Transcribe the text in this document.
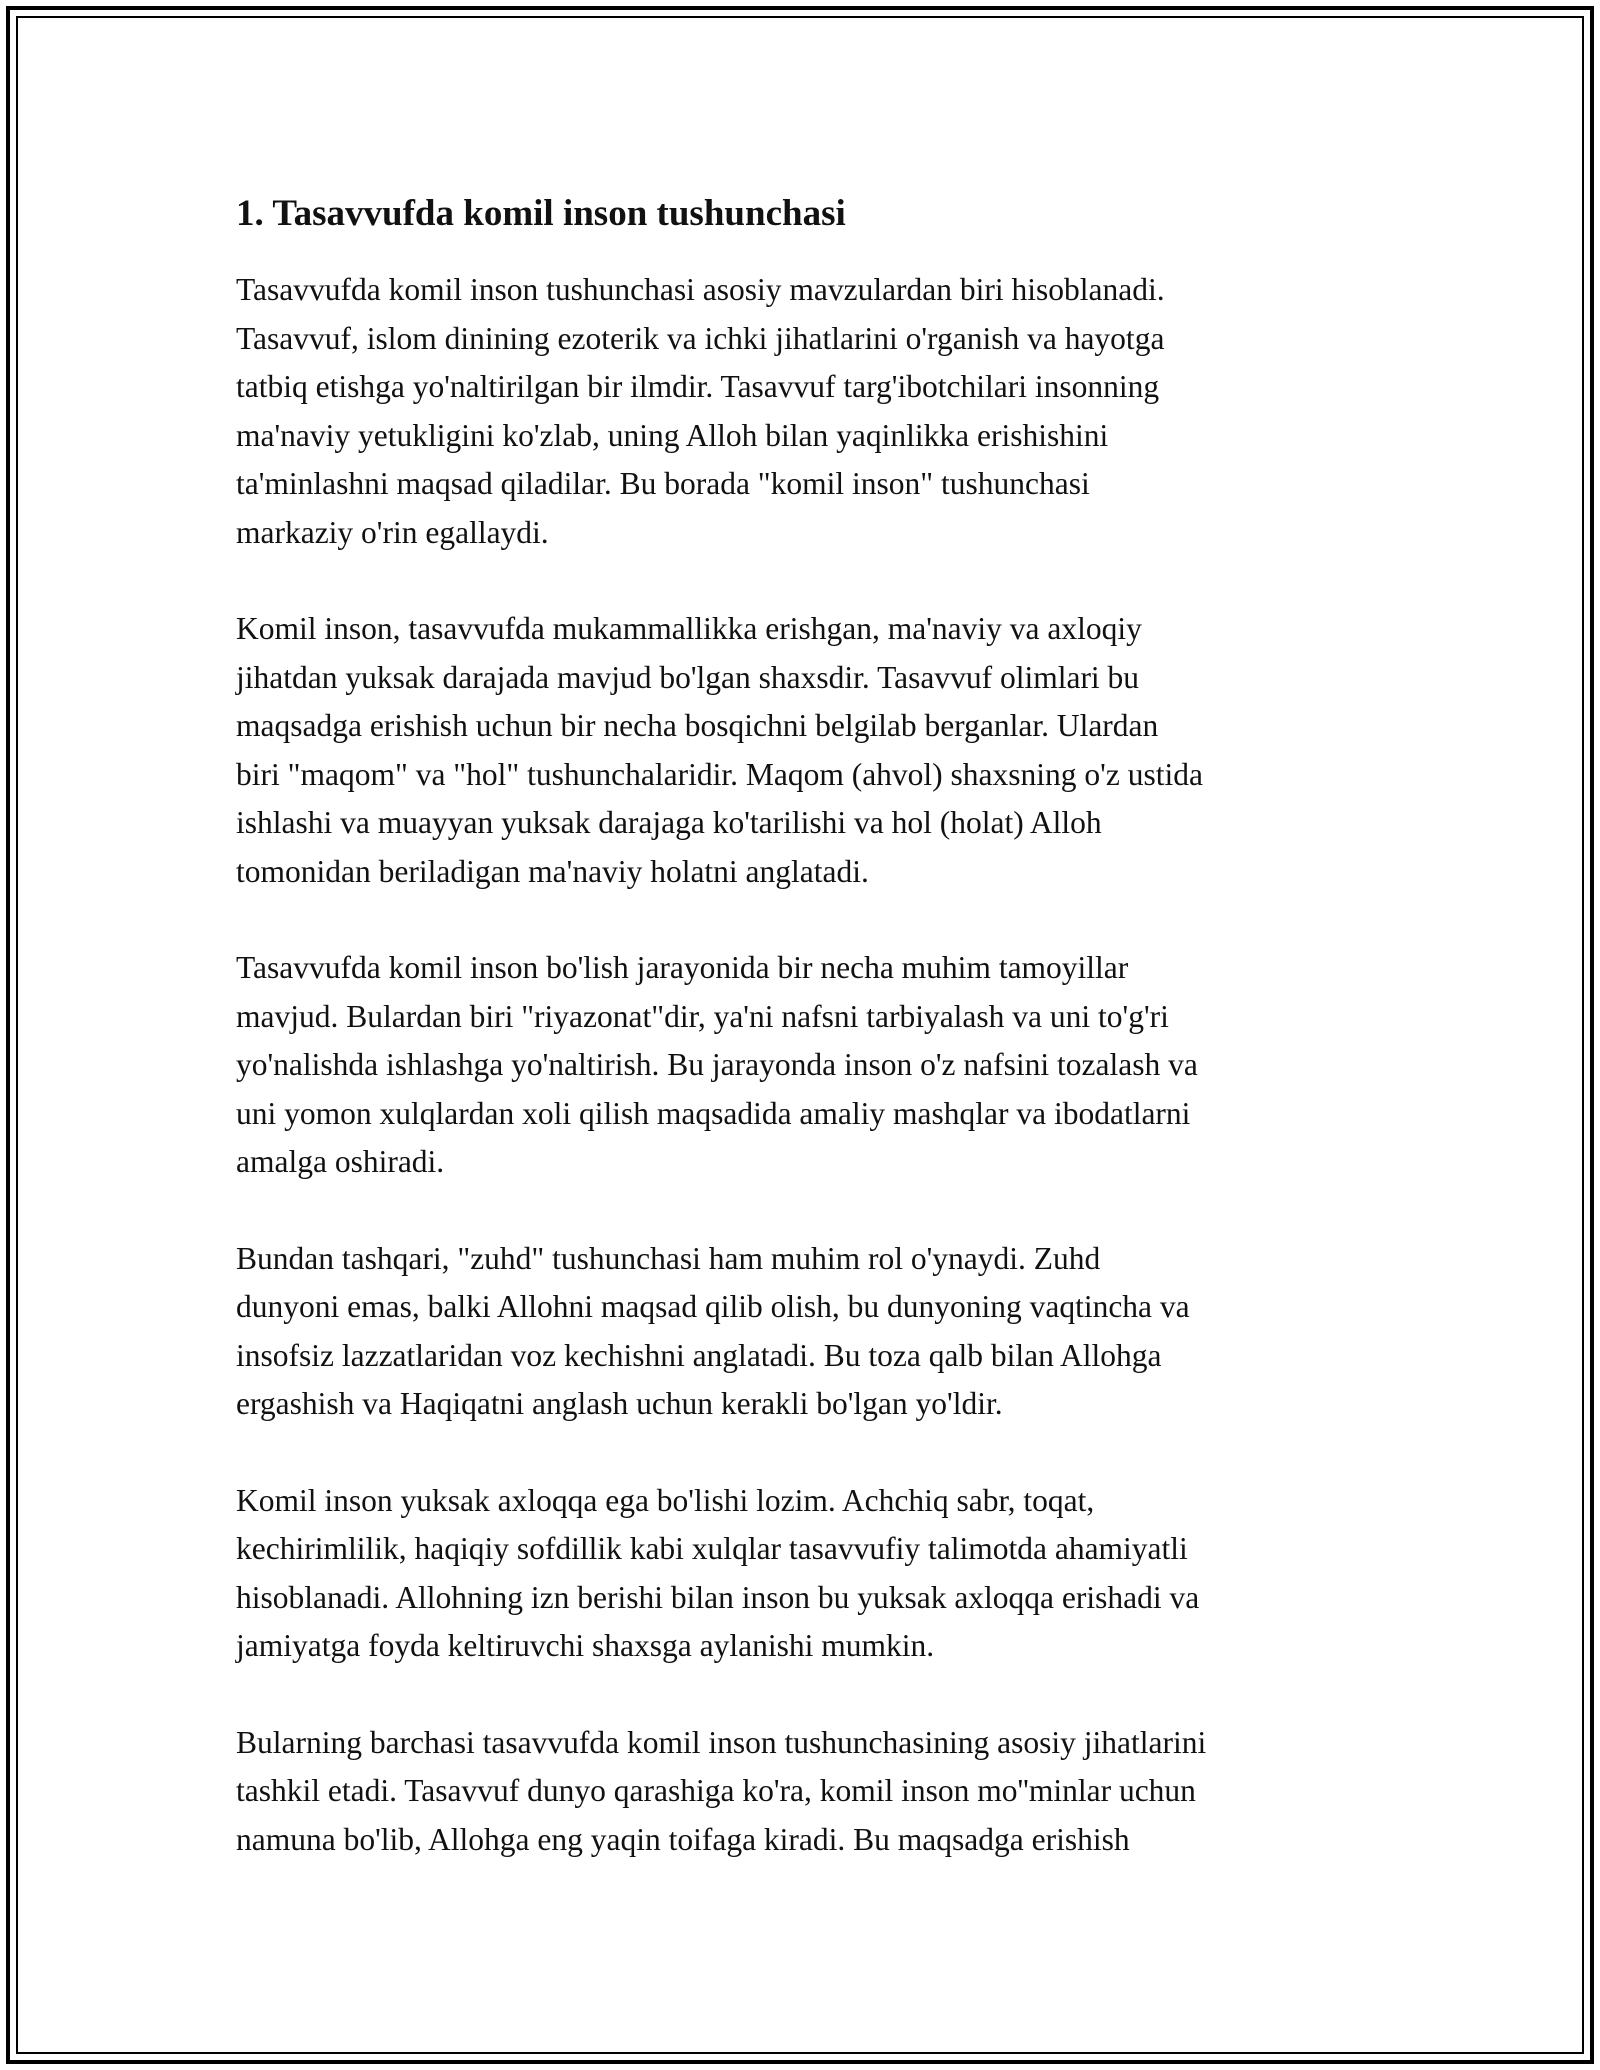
1. Tasavvufda komil inson tushunchasi

Tasavvufda komil inson tushunchasi asosiy mavzulardan biri hisoblanadi.
Tasavvuf, islom dinining ezoterik va ichki jihatlarini o'rganish va hayotga
tatbiq etishga yo'naltirilgan bir ilmdir. Tasavvuf targ'ibotchilari insonning
ma'naviy yetukligini ko'zlab, uning Alloh bilan yaqinlikka erishishini
ta'minlashni maqsad qiladilar. Bu borada "komil inson" tushunchasi
markaziy o'rin egallaydi.

Komil inson, tasavvufda mukammallikka erishgan, ma'naviy va axloqiy
jihatdan yuksak darajada mavjud bo'lgan shaxsdir. Tasavvuf olimlari bu
maqsadga erishish uchun bir necha bosqichni belgilab berganlar. Ulardan
biri "maqom" va "hol" tushunchalaridir. Maqom (ahvol) shaxsning o'z ustida
ishlashi va muayyan yuksak darajaga ko'tarilishi va hol (holat) Alloh
tomonidan beriladigan ma'naviy holatni anglatadi.

Tasavvufda komil inson bo'lish jarayonida bir necha muhim tamoyillar
mavjud. Bulardan biri "riyazonat"dir, ya'ni nafsni tarbiyalash va uni to'g'ri
yo'nalishda ishlashga yo'naltirish. Bu jarayonda inson o'z nafsini tozalash va
uni yomon xulqlardan xoli qilish maqsadida amaliy mashqlar va ibodatlarni
amalga oshiradi.

Bundan tashqari, "zuhd" tushunchasi ham muhim rol o'ynaydi. Zuhd
dunyoni emas, balki Allohni maqsad qilib olish, bu dunyoning vaqtincha va
insofsiz lazzatlaridan voz kechishni anglatadi. Bu toza qalb bilan Allohga
ergashish va Haqiqatni anglash uchun kerakli bo'lgan yo'ldir.

Komil inson yuksak axloqqa ega bo'lishi lozim. Achchiq sabr, toqat,
kechirimlilik, haqiqiy sofdillik kabi xulqlar tasavvufiy talimotda ahamiyatli
hisoblanadi. Allohning izn berishi bilan inson bu yuksak axloqqa erishadi va
jamiyatga foyda keltiruvchi shaxsga aylanishi mumkin.

Bularning barchasi tasavvufda komil inson tushunchasining asosiy jihatlarini
tashkil etadi. Tasavvuf dunyo qarashiga ko'ra, komil inson mo''minlar uchun
namuna bo'lib, Allohga eng yaqin toifaga kiradi. Bu maqsadga erishish
